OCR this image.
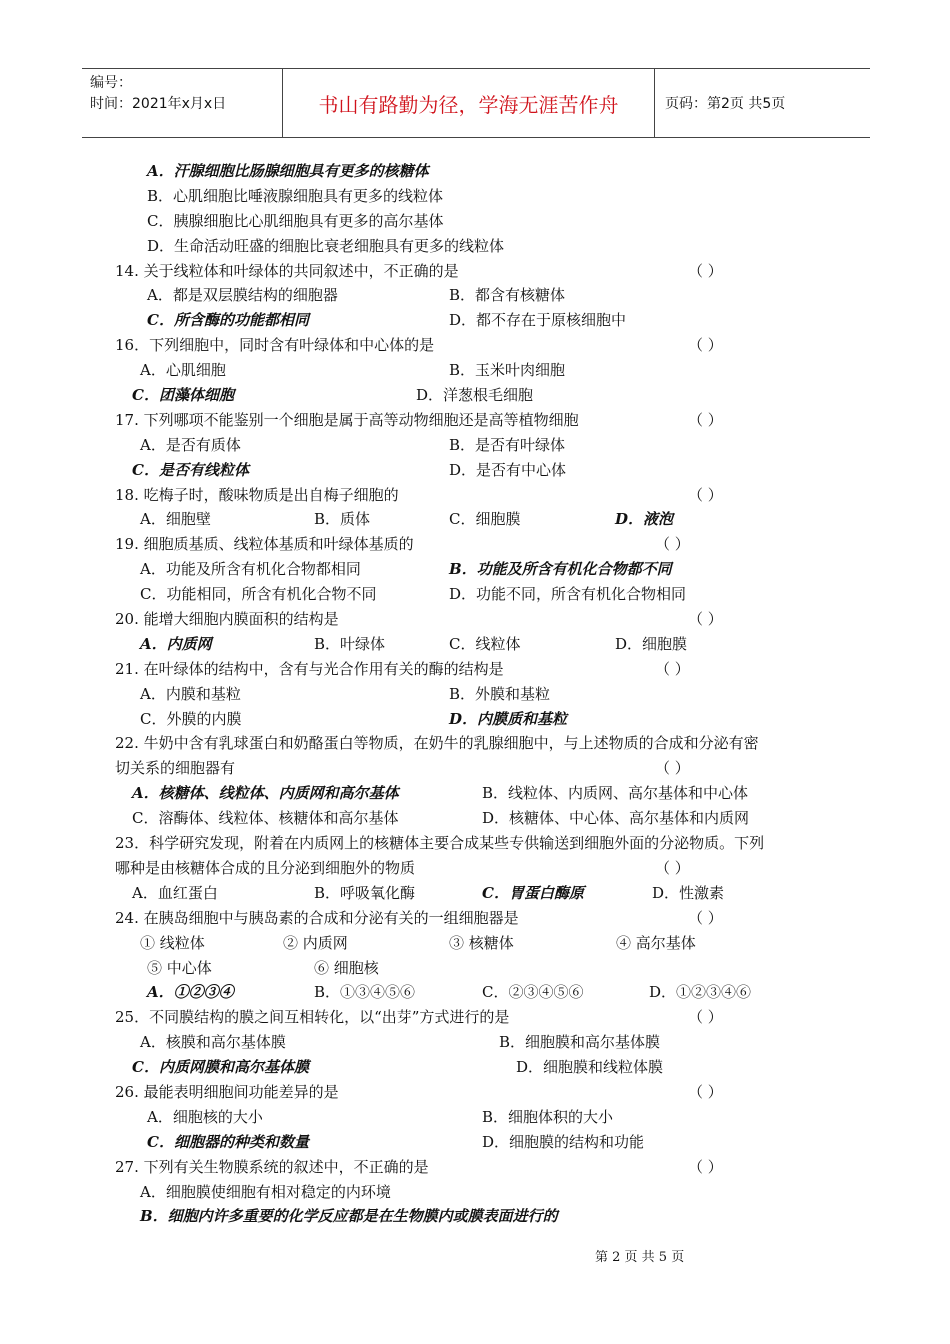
编号：
时间：2021年x月x日	书山有路勤为径，学海无涯苦作舟	页码：第2页 共5页
A．汗腺细胞比肠腺细胞具有更多的核糖体
B．心肌细胞比唾液腺细胞具有更多的线粒体
C．胰腺细胞比心肌细胞具有更多的高尔基体
D．生命活动旺盛的细胞比衰老细胞具有更多的线粒体
14. 关于线粒体和叶绿体的共同叙述中，不正确的是	（ ）
A．都是双层膜结构的细胞器	B．都含有核糖体
C．所含酶的功能都相同	D．都不存在于原核细胞中
16．下列细胞中，同时含有叶绿体和中心体的是	（ ）
A．心肌细胞	B．玉米叶肉细胞
C．团藻体细胞	D．洋葱根毛细胞
17. 下列哪项不能鉴别一个细胞是属于高等动物细胞还是高等植物细胞	（ ）
A．是否有质体	B．是否有叶绿体
C．是否有线粒体	D．是否有中心体
18. 吃梅子时，酸味物质是出自梅子细胞的	（ ）
A．细胞壁	B．质体	C．细胞膜	D．液泡
19. 细胞质基质、线粒体基质和叶绿体基质的	（ ）
A．功能及所含有机化合物都相同	B．功能及所含有机化合物都不同
C．功能相同，所含有机化合物不同	D．功能不同，所含有机化合物相同
20. 能增大细胞内膜面积的结构是	（ ）
A．内质网	B．叶绿体	C．线粒体	D．细胞膜
21. 在叶绿体的结构中，含有与光合作用有关的酶的结构是	（ ）
A．内膜和基粒	B．外膜和基粒
C．外膜的内膜	D．内膜质和基粒
22. 牛奶中含有乳球蛋白和奶酪蛋白等物质，在奶牛的乳腺细胞中，与上述物质的合成和分泌有密
切关系的细胞器有	（ ）
A．核糖体、线粒体、内质网和高尔基体	B．线粒体、内质网、高尔基体和中心体
C．溶酶体、线粒体、核糖体和高尔基体	D．核糖体、中心体、高尔基体和内质网
23．科学研究发现，附着在内质网上的核糖体主要合成某些专供输送到细胞外面的分泌物质。下列
哪种是由核糖体合成的且分泌到细胞外的物质	（ ）
A．血红蛋白	B．呼吸氧化酶	C．胃蛋白酶原	D．性激素
24. 在胰岛细胞中与胰岛素的合成和分泌有关的一组细胞器是	（ ）
① 线粒体	② 内质网	③ 核糖体	④ 高尔基体
⑤ 中心体	⑥ 细胞核
A．①②③④	B．①③④⑤⑥	C．②③④⑤⑥	D．①②③④⑥
25．不同膜结构的膜之间互相转化，以“出芽”方式进行的是	（ ）
A．核膜和高尔基体膜	B．细胞膜和高尔基体膜
C．内质网膜和高尔基体膜	D．细胞膜和线粒体膜
26. 最能表明细胞间功能差异的是	（ ）
A．细胞核的大小	B．细胞体积的大小
C．细胞器的种类和数量	D．细胞膜的结构和功能
27. 下列有关生物膜系统的叙述中，不正确的是	（ ）
A．细胞膜使细胞有相对稳定的内环境
B．细胞内许多重要的化学反应都是在生物膜内或膜表面进行的
第 2 页 共 5 页
